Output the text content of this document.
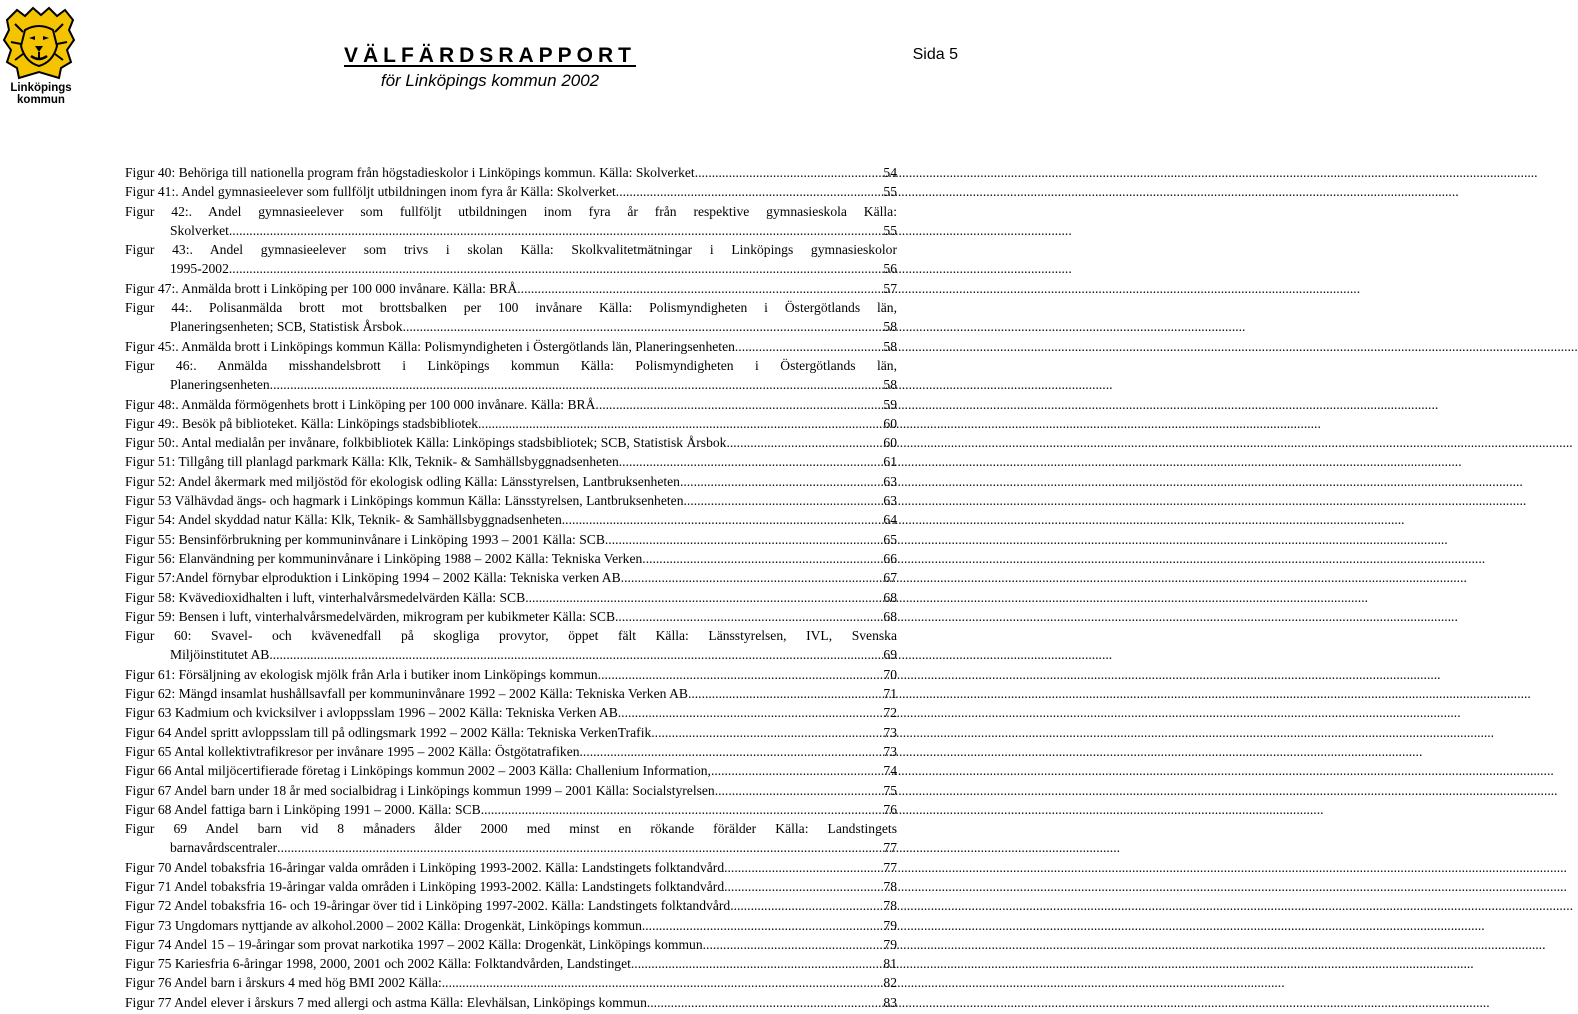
Linköpings
kommun
VÄLFÄRDSRAPPORT
för Linköpings kommun 2002
Sida 5
Figur 40: Behöriga till nationella program från högstadieskolor i Linköpings kommun. Källa: Skolverket .....	54
Figur 41:. Andel gymnasieelever som fullföljt utbildningen inom fyra år Källa: Skolverket .....	55
Figur 42:. Andel gymnasieelever som fullföljt utbildningen inom fyra år från respektive gymnasieskola Källa:
Skolverket .....	55
Figur 43:. Andel gymnasieelever som trivs i skolan Källa: Skolkvalitetmätningar i Linköpings gymnasieskolor
1995-2002 .....	56
Figur 47:. Anmälda brott i Linköping per 100 000 invånare. Källa: BRÅ .....	57
Figur 44:. Polisanmälda brott mot brottsbalken per 100 invånare Källa: Polismyndigheten i Östergötlands län,
Planeringsenheten; SCB, Statistisk Årsbok .....	58
Figur 45:. Anmälda brott i Linköpings kommun Källa: Polismyndigheten i Östergötlands län, Planeringsenheten .....	58
Figur 46:. Anmälda misshandelsbrott i Linköpings kommun Källa: Polismyndigheten i Östergötlands län,
Planeringsenheten .....	58
Figur 48:. Anmälda förmögenhets brott i Linköping per 100 000 invånare. Källa: BRÅ .....	59
Figur 49:. Besök på biblioteket. Källa: Linköpings stadsbibliotek .....	60
Figur 50:. Antal medialån per invånare, folkbibliotek Källa: Linköpings stadsbibliotek; SCB, Statistisk Årsbok. .....	60
Figur 51: Tillgång till planlagd parkmark Källa: Klk, Teknik- & Samhällsbyggnadsenheten .....	61
Figur 52: Andel åkermark med miljöstöd för ekologisk odling Källa: Länsstyrelsen, Lantbruksenheten .....	63
Figur 53 Välhävdad ängs- och hagmark i Linköpings kommun Källa: Länsstyrelsen, Lantbruksenheten .....	63
Figur 54: Andel skyddad natur Källa: Klk, Teknik- & Samhällsbyggnadsenheten .....	64
Figur 55: Bensinförbrukning per kommuninvånare i Linköping 1993 – 2001 Källa: SCB .....	65
Figur 56: Elanvändning per kommuninvånare i Linköping 1988 – 2002 Källa: Tekniska Verken .....	66
Figur 57:Andel förnybar elproduktion i Linköping 1994 – 2002 Källa: Tekniska verken AB. .....	67
Figur 58: Kvävedioxidhalten i luft, vinterhalvårsmedelvärden Källa: SCB .....	68
Figur 59: Bensen i luft, vinterhalvårsmedelvärden, mikrogram per kubikmeter Källa: SCB .....	68
Figur 60: Svavel- och kvävenedfall på skogliga provytor, öppet fält Källa: Länsstyrelsen, IVL, Svenska
Miljöinstitutet AB .....	69
Figur 61: Försäljning av ekologisk mjölk från Arla i butiker inom Linköpings kommun .....	70
Figur 62: Mängd insamlat hushållsavfall per kommuninvånare 1992 – 2002 Källa: Tekniska Verken AB .....	71
Figur 63 Kadmium och kvicksilver i avloppsslam 1996 – 2002 Källa: Tekniska Verken AB .....	72
Figur 64 Andel spritt avloppsslam till på odlingsmark 1992 – 2002 Källa: Tekniska VerkenTrafik .....	73
Figur 65 Antal kollektivtrafikresor per invånare 1995 – 2002 Källa: Östgötatrafiken .....	73
Figur 66 Antal miljöcertifierade företag i Linköpings kommun 2002 – 2003 Källa: Challenium Information, .....	74
Figur 67 Andel barn under 18 år med socialbidrag i Linköpings kommun 1999 – 2001 Källa: Socialstyrelsen .....	75
Figur 68 Andel fattiga barn i Linköping 1991 – 2000. Källa: SCB .....	76
Figur 69 Andel barn vid 8 månaders ålder 2000 med minst en rökande förälder Källa: Landstingets
barnavårdscentraler .....	77
Figur 70 Andel tobaksfria 16-åringar valda områden i Linköping 1993-2002. Källa: Landstingets folktandvård .....	77
Figur 71 Andel tobaksfria 19-åringar valda områden i Linköping 1993-2002. Källa: Landstingets folktandvård .....	78
Figur 72 Andel tobaksfria 16- och 19-åringar över tid i Linköping 1997-2002. Källa: Landstingets folktandvård .....	78
Figur 73 Ungdomars nyttjande av alkohol.2000 – 2002 Källa: Drogenkät, Linköpings kommun .....	79
Figur 74 Andel 15 – 19-åringar som provat narkotika 1997 – 2002 Källa: Drogenkät, Linköpings kommun .....	79
Figur 75 Kariesfria 6-åringar 1998, 2000, 2001 och 2002 Källa: Folktandvården, Landstinget .....	81
Figur 76 Andel barn i årskurs 4 med hög BMI 2002 Källa: .....	82
Figur 77 Andel elever i årskurs 7 med allergi och astma Källa: Elevhälsan, Linköpings kommun .....	83
